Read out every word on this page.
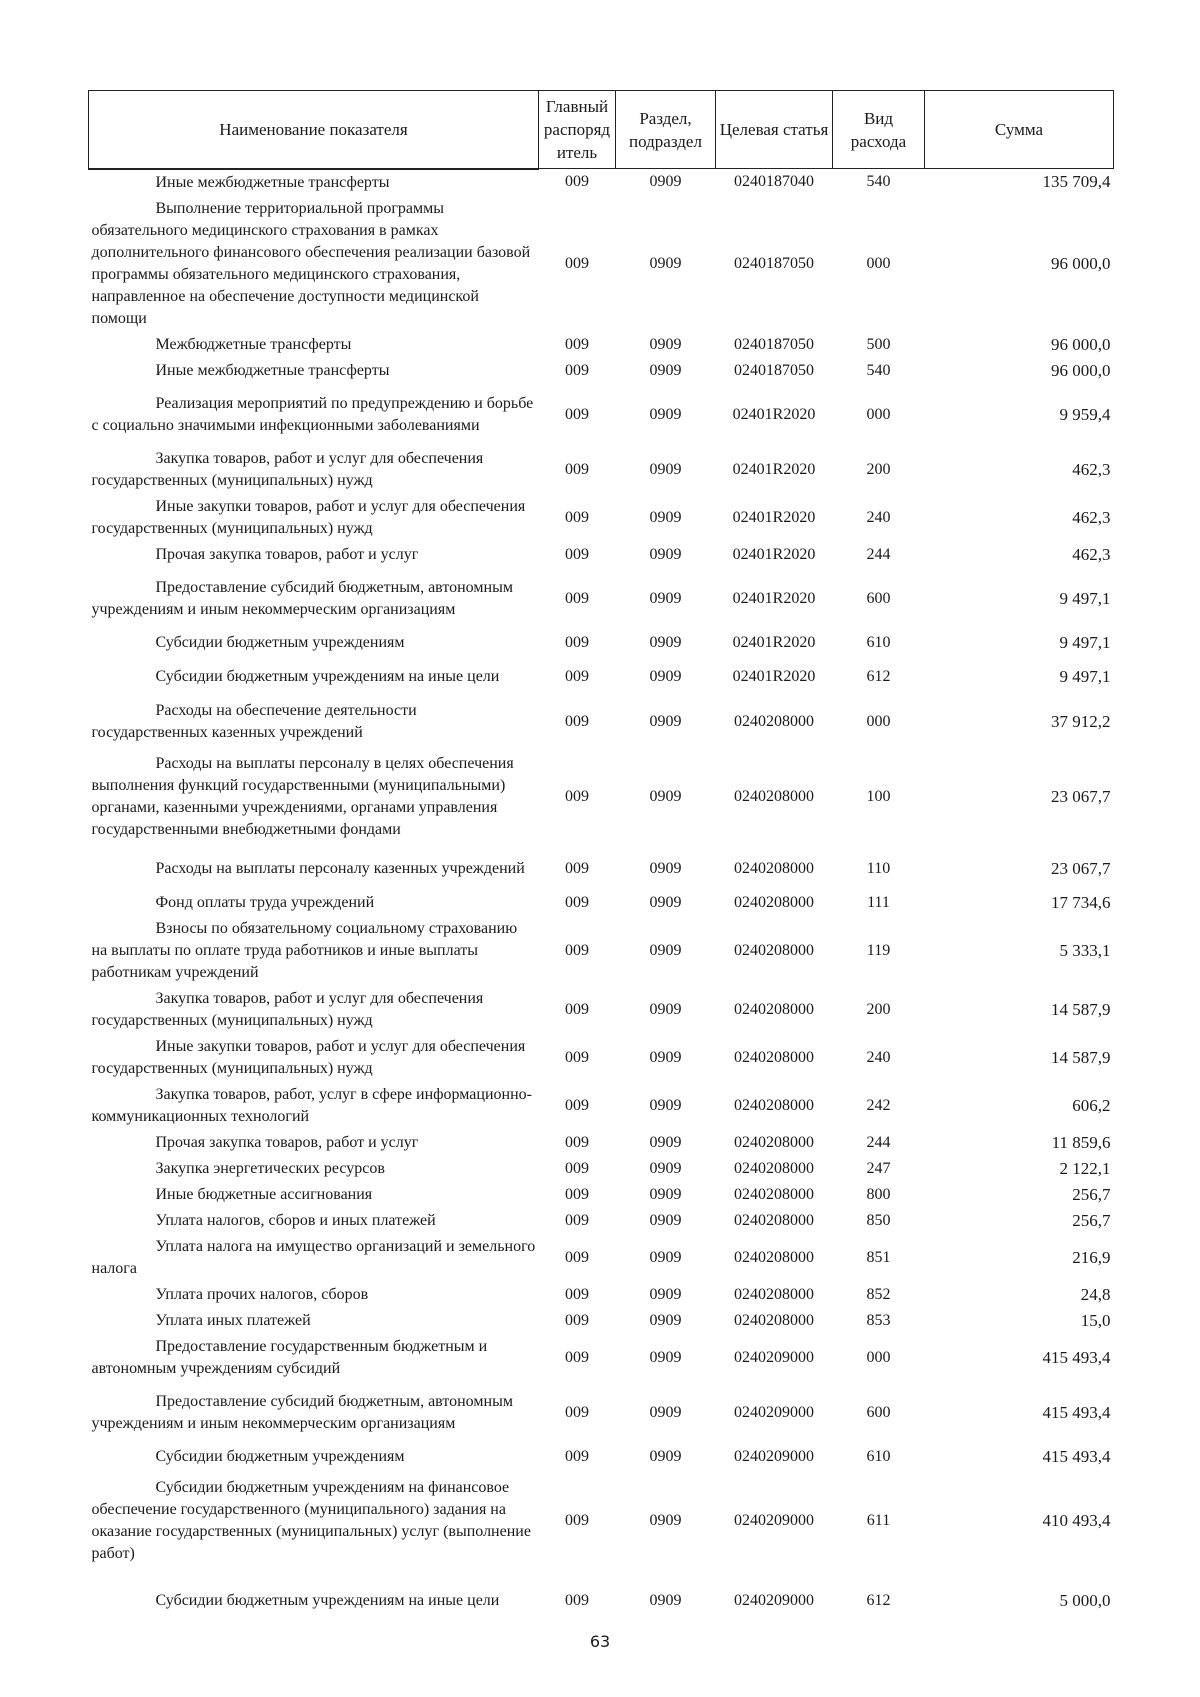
Наименование показателя	Главный распоряд итель	Раздел, подраздел	Целевая статья	Вид расхода	Сумма
Иные межбюджетные трансферты	009	0909	0240187040	540	135 709,4
Выполнение территориальной программы обязательного медицинского страхования в рамках дополнительного финансового обеспечения реализации базовой программы обязательного медицинского страхования, направленное на обеспечение доступности медицинской помощи	009	0909	0240187050	000	96 000,0
Межбюджетные трансферты	009	0909	0240187050	500	96 000,0
Иные межбюджетные трансферты	009	0909	0240187050	540	96 000,0
Реализация мероприятий по предупреждению и борьбе с социально значимыми инфекционными заболеваниями	009	0909	02401R2020	000	9 959,4
Закупка товаров, работ и услуг для обеспечения государственных (муниципальных) нужд	009	0909	02401R2020	200	462,3
Иные закупки товаров, работ и услуг для обеспечения государственных (муниципальных) нужд	009	0909	02401R2020	240	462,3
Прочая закупка товаров, работ и услуг	009	0909	02401R2020	244	462,3
Предоставление субсидий бюджетным, автономным учреждениям и иным некоммерческим организациям	009	0909	02401R2020	600	9 497,1
Субсидии бюджетным учреждениям	009	0909	02401R2020	610	9 497,1
Субсидии бюджетным учреждениям на иные цели	009	0909	02401R2020	612	9 497,1
Расходы на обеспечение деятельности государственных казенных учреждений	009	0909	0240208000	000	37 912,2
Расходы на выплаты персоналу в целях обеспечения выполнения функций государственными (муниципальными) органами, казенными учреждениями, органами управления государственными внебюджетными фондами	009	0909	0240208000	100	23 067,7
Расходы на выплаты персоналу казенных учреждений	009	0909	0240208000	110	23 067,7
Фонд оплаты труда учреждений	009	0909	0240208000	111	17 734,6
Взносы по обязательному социальному страхованию на выплаты по оплате труда работников и иные выплаты работникам учреждений	009	0909	0240208000	119	5 333,1
Закупка товаров, работ и услуг для обеспечения государственных (муниципальных) нужд	009	0909	0240208000	200	14 587,9
Иные закупки товаров, работ и услуг для обеспечения государственных (муниципальных) нужд	009	0909	0240208000	240	14 587,9
Закупка товаров, работ, услуг в сфере информационно-коммуникационных технологий	009	0909	0240208000	242	606,2
Прочая закупка товаров, работ и услуг	009	0909	0240208000	244	11 859,6
Закупка энергетических ресурсов	009	0909	0240208000	247	2 122,1
Иные бюджетные ассигнования	009	0909	0240208000	800	256,7
Уплата налогов, сборов и иных платежей	009	0909	0240208000	850	256,7
Уплата налога на имущество организаций и земельного налога	009	0909	0240208000	851	216,9
Уплата прочих налогов, сборов	009	0909	0240208000	852	24,8
Уплата иных платежей	009	0909	0240208000	853	15,0
Предоставление государственным бюджетным и автономным учреждениям субсидий	009	0909	0240209000	000	415 493,4
Предоставление субсидий бюджетным, автономным учреждениям и иным некоммерческим организациям	009	0909	0240209000	600	415 493,4
Субсидии бюджетным учреждениям	009	0909	0240209000	610	415 493,4
Субсидии бюджетным учреждениям на финансовое обеспечение государственного (муниципального) задания на оказание государственных (муниципальных) услуг (выполнение работ)	009	0909	0240209000	611	410 493,4
Субсидии бюджетным учреждениям на иные цели	009	0909	0240209000	612	5 000,0
63
